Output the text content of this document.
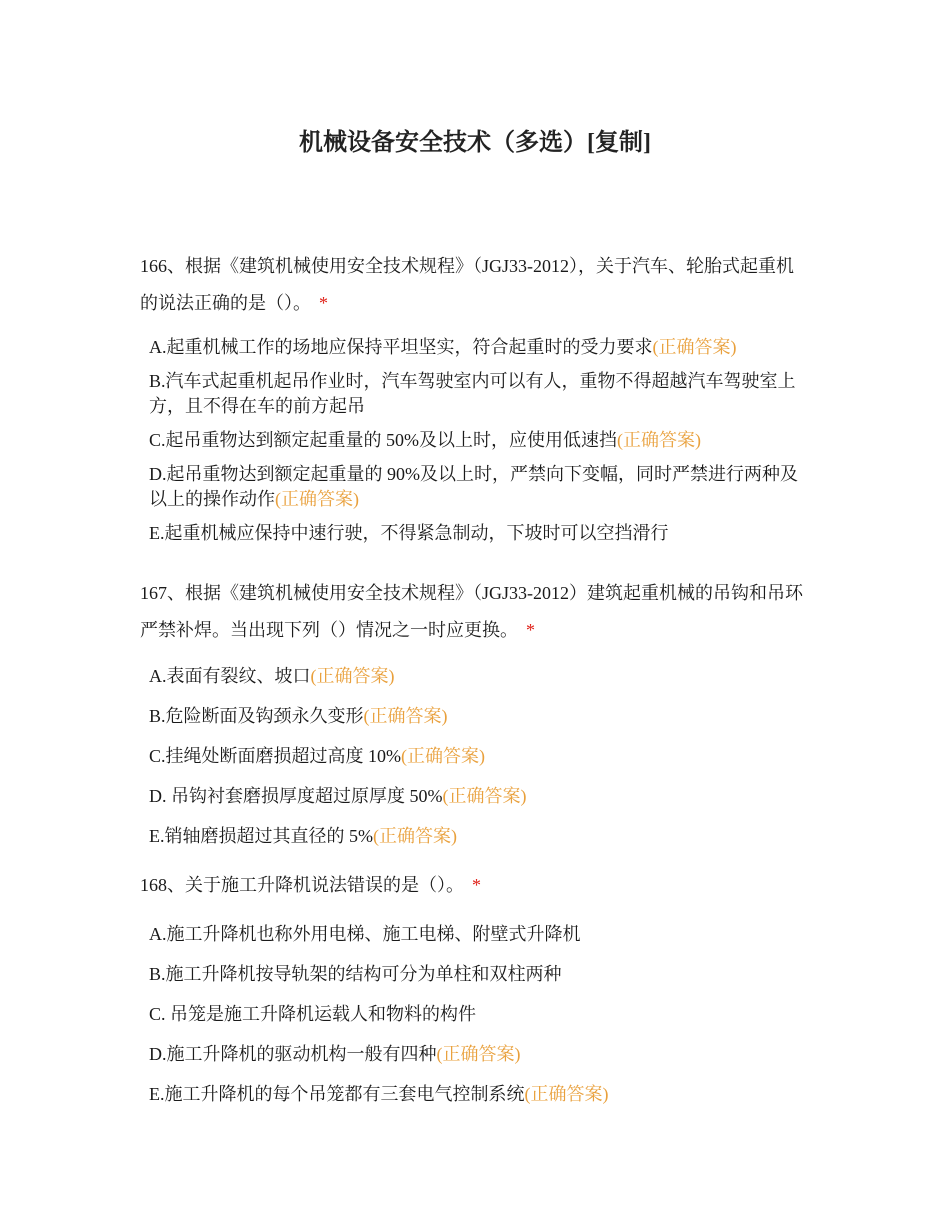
机械设备安全技术（多选）[复制]

166、根据《建筑机械使用安全技术规程》（JGJ33-2012），关于汽车、轮胎式起重机的说法正确的是（）。 *

A.起重机械工作的场地应保持平坦坚实，符合起重时的受力要求(正确答案)
B.汽车式起重机起吊作业时，汽车驾驶室内可以有人，重物不得超越汽车驾驶室上方，且不得在车的前方起吊
C.起吊重物达到额定起重量的 50%及以上时，应使用低速挡(正确答案)
D.起吊重物达到额定起重量的 90%及以上时，严禁向下变幅，同时严禁进行两种及以上的操作动作(正确答案)
E.起重机械应保持中速行驶，不得紧急制动，下坡时可以空挡滑行

167、根据《建筑机械使用安全技术规程》（JGJ33-2012）建筑起重机械的吊钩和吊环严禁补焊。当出现下列（）情况之一时应更换。 *

A.表面有裂纹、坡口(正确答案)
B.危险断面及钩颈永久变形(正确答案)
C.挂绳处断面磨损超过高度 10%(正确答案)
D. 吊钩衬套磨损厚度超过原厚度 50%(正确答案)
E.销轴磨损超过其直径的 5%(正确答案)

168、关于施工升降机说法错误的是（）。 *

A.施工升降机也称外用电梯、施工电梯、附壁式升降机
B.施工升降机按导轨架的结构可分为单柱和双柱两种
C. 吊笼是施工升降机运载人和物料的构件
D.施工升降机的驱动机构一般有四种(正确答案)
E.施工升降机的每个吊笼都有三套电气控制系统(正确答案)
